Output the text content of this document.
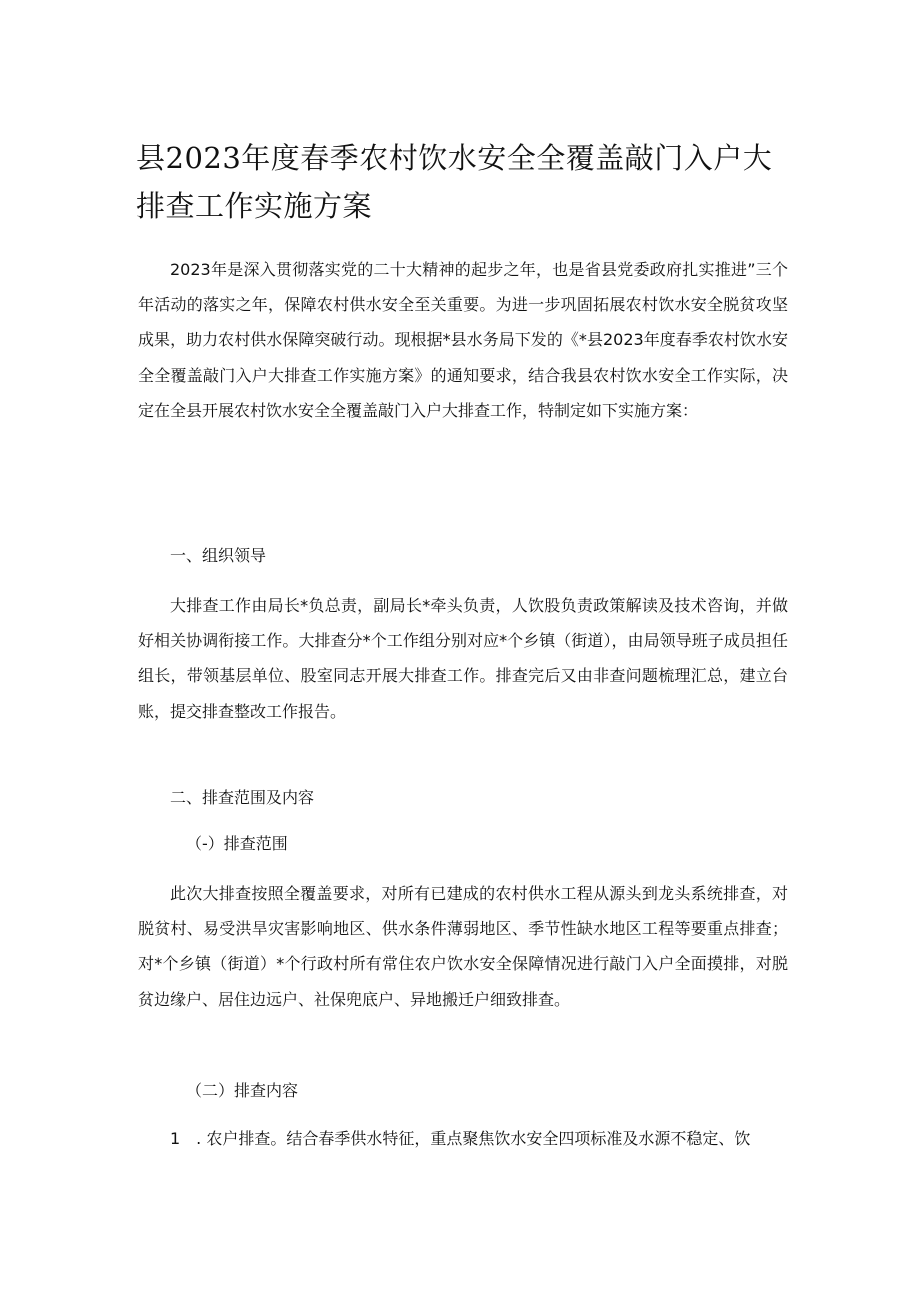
县2023年度春季农村饮水安全全覆盖敲门入户大排查工作实施方案

2023年是深入贯彻落实党的二十大精神的起步之年，也是省县党委政府扎实推进”三个年活动的落实之年，保障农村供水安全至关重要。为进一步巩固拓展农村饮水安全脱贫攻坚成果，助力农村供水保障突破行动。现根据*县水务局下发的《*县2023年度春季农村饮水安全全覆盖敲门入户大排查工作实施方案》的通知要求，结合我县农村饮水安全工作实际，决定在全县开展农村饮水安全全覆盖敲门入户大排查工作，特制定如下实施方案：

一、组织领导

大排查工作由局长*负总责，副局长*牵头负责，人饮股负责政策解读及技术咨询，并做好相关协调衔接工作。大排查分*个工作组分别对应*个乡镇（街道），由局领导班子成员担任组长，带领基层单位、股室同志开展大排查工作。排查完后又由非查问题梳理汇总，建立台账，提交排查整改工作报告。

二、排查范围及内容

（-）排查范围

此次大排查按照全覆盖要求，对所有已建成的农村供水工程从源头到龙头系统排查，对脱贫村、易受洪旱灾害影响地区、供水条件薄弱地区、季节性缺水地区工程等要重点排查；对*个乡镇（街道）*个行政村所有常住农户饮水安全保障情况进行敲门入户全面摸排，对脱贫边缘户、居住边远户、社保兜底户、异地搬迁户细致排查。

（二）排查内容

1　. 农户排查。结合春季供水特征，重点聚焦饮水安全四项标准及水源不稳定、饮
